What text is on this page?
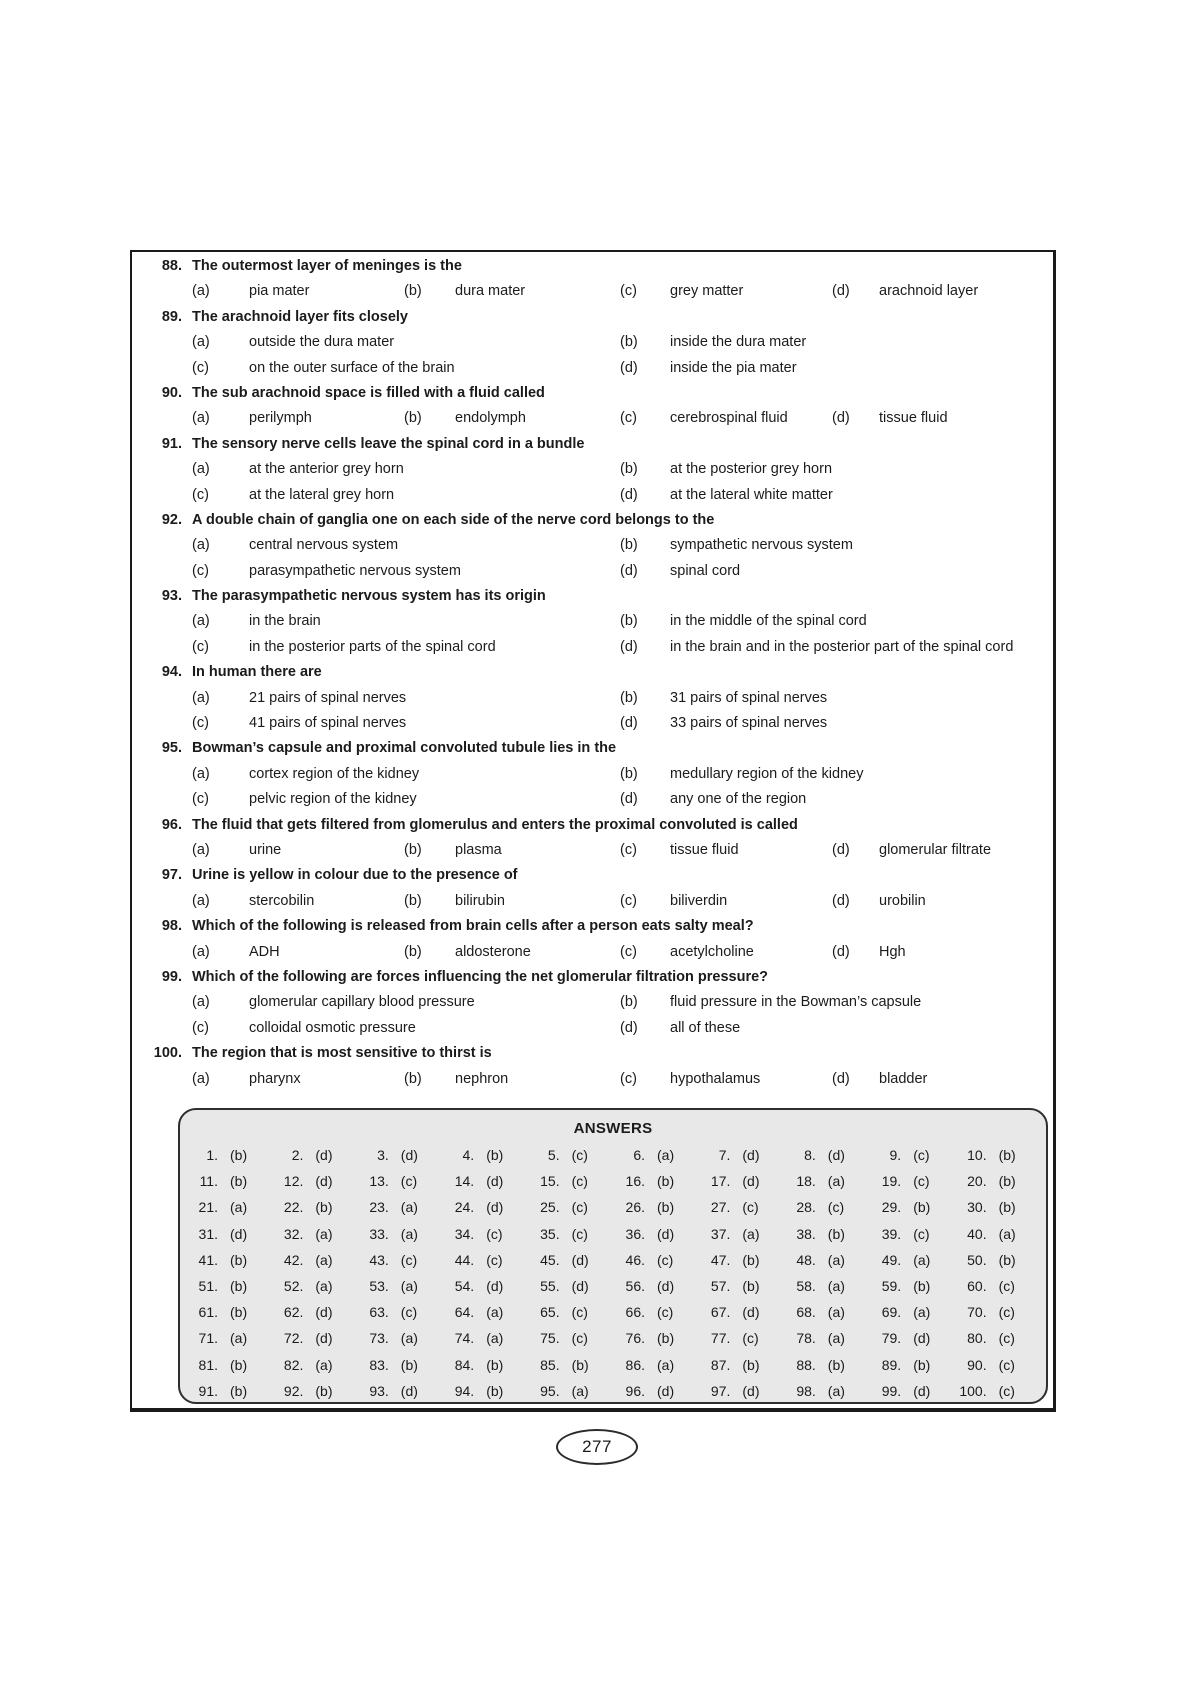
88. The outermost layer of meninges is the
(a)	pia mater	(b) dura mater	(c) grey matter	(d) arachnoid layer
89. The arachnoid layer fits closely
(a)	outside the dura mater	(b) inside the dura mater
(c)	on the outer surface of the brain	(d) inside the pia mater
90. The sub arachnoid space is filled with a fluid called
(a)	perilymph	(b) endolymph	(c) cerebrospinal fluid	(d) tissue fluid
91. The sensory nerve cells leave the spinal cord in a bundle
(a)	at the anterior grey horn	(b) at the posterior grey horn
(c)	at the lateral grey horn	(d) at the lateral white matter
92. A double chain of ganglia one on each side of the nerve cord belongs to the
(a)	central nervous system	(b) sympathetic nervous system
(c)	parasympathetic nervous system	(d) spinal cord
93. The parasympathetic nervous system has its origin
(a)	in the brain	(b) in the middle of the spinal cord
(c)	in the posterior parts of the spinal cord	(d) in the brain and in the posterior part of the spinal cord
94. In human there are
(a)	21 pairs of spinal nerves	(b) 31 pairs of spinal nerves
(c)	41 pairs of spinal nerves	(d) 33 pairs of spinal nerves
95. Bowman’s capsule and proximal convoluted tubule lies in the
(a)	cortex region of the kidney	(b) medullary region of the kidney
(c)	pelvic region of the kidney	(d) any one of the region
96. The fluid that gets filtered from glomerulus and enters the proximal convoluted is called
(a)	urine	(b) plasma	(c) tissue fluid	(d) glomerular filtrate
97. Urine is yellow in colour due to the presence of
(a)	stercobilin	(b) bilirubin	(c) biliverdin	(d) urobilin
98. Which of the following is released from brain cells after a person eats salty meal?
(a)	ADH	(b) aldosterone	(c) acetylcholine	(d) Hgh
99. Which of the following are forces influencing the net glomerular filtration pressure?
(a)	glomerular capillary blood pressure	(b) fluid pressure in the Bowman’s capsule
(c)	colloidal osmotic pressure	(d) all of these
100. The region that is most sensitive to thirst is
(a)	pharynx	(b) nephron	(c) hypothalamus	(d) bladder
ANSWERS
1. (b)	2. (d)	3. (d)	4. (b)	5. (c)	6. (a)	7. (d)	8. (d)	9. (c)	10. (b)
11. (b)	12. (d)	13. (c)	14. (d)	15. (c)	16. (b)	17. (d)	18. (a)	19. (c)	20. (b)
21. (a)	22. (b)	23. (a)	24. (d)	25. (c)	26. (b)	27. (c)	28. (c)	29. (b)	30. (b)
31. (d)	32. (a)	33. (a)	34. (c)	35. (c)	36. (d)	37. (a)	38. (b)	39. (c)	40. (a)
41. (b)	42. (a)	43. (c)	44. (c)	45. (d)	46. (c)	47. (b)	48. (a)	49. (a)	50. (b)
51. (b)	52. (a)	53. (a)	54. (d)	55. (d)	56. (d)	57. (b)	58. (a)	59. (b)	60. (c)
61. (b)	62. (d)	63. (c)	64. (a)	65. (c)	66. (c)	67. (d)	68. (a)	69. (a)	70. (c)
71. (a)	72. (d)	73. (a)	74. (a)	75. (c)	76. (b)	77. (c)	78. (a)	79. (d)	80. (c)
81. (b)	82. (a)	83. (b)	84. (b)	85. (b)	86. (a)	87. (b)	88. (b)	89. (b)	90. (c)
91. (b)	92. (b)	93. (d)	94. (b)	95. (a)	96. (d)	97. (d)	98. (a)	99. (d)	100. (c)
277
